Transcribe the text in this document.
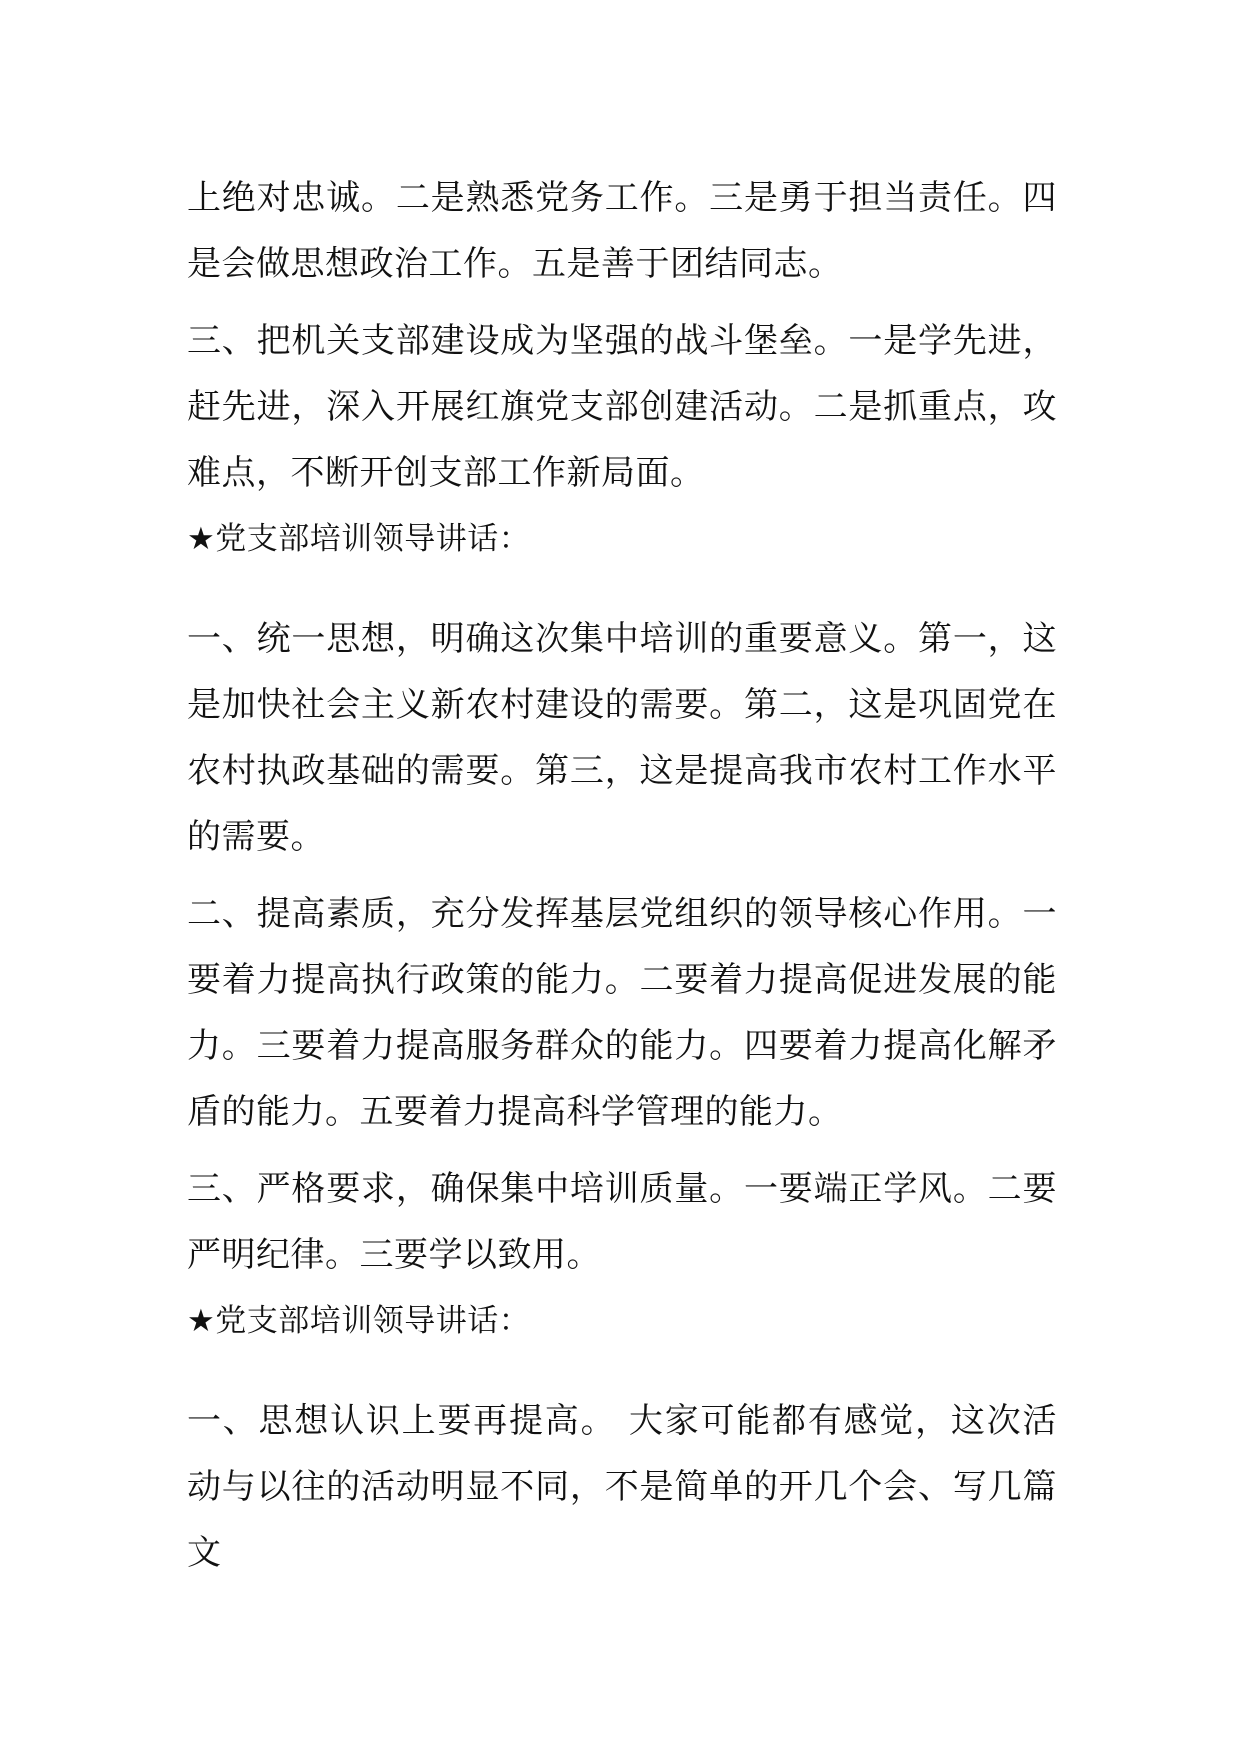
上绝对忠诚。二是熟悉党务工作。三是勇于担当责任。四是会做思想政治工作。五是善于团结同志。

三、把机关支部建设成为坚强的战斗堡垒。一是学先进，赶先进，深入开展红旗党支部创建活动。二是抓重点，攻难点，不断开创支部工作新局面。

★党支部培训领导讲话：

一、统一思想，明确这次集中培训的重要意义。第一，这是加快社会主义新农村建设的需要。第二，这是巩固党在农村执政基础的需要。第三，这是提高我市农村工作水平的需要。

二、提高素质，充分发挥基层党组织的领导核心作用。一要着力提高执行政策的能力。二要着力提高促进发展的能力。三要着力提高服务群众的能力。四要着力提高化解矛盾的能力。五要着力提高科学管理的能力。

三、严格要求，确保集中培训质量。一要端正学风。二要严明纪律。三要学以致用。

★党支部培训领导讲话：

一、思想认识上要再提高。 大家可能都有感觉，这次活动与以往的活动明显不同，不是简单的开几个会、写几篇文
